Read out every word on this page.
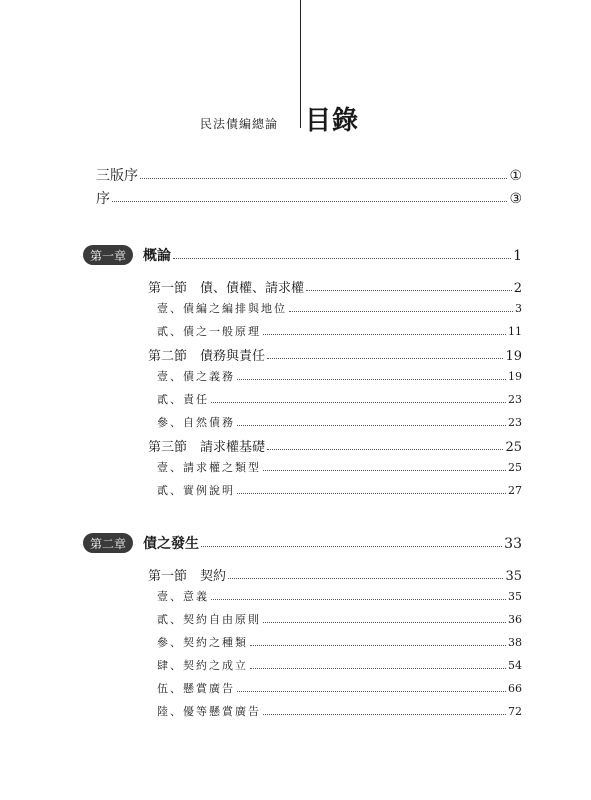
民法債編總論 目錄
三版序	①
序	③
第一章	概論	1
第一節　債、債權、請求權	2
壹、債編之編排與地位	3
貳、債之一般原理	11
第二節　債務與責任	19
壹、債之義務	19
貳、責任	23
參、自然債務	23
第三節　請求權基礎	25
壹、請求權之類型	25
貳、實例說明	27
第二章	債之發生	33
第一節　契約	35
壹、意義	35
貳、契約自由原則	36
參、契約之種類	38
肆、契約之成立	54
伍、懸賞廣告	66
陸、優等懸賞廣告	72
